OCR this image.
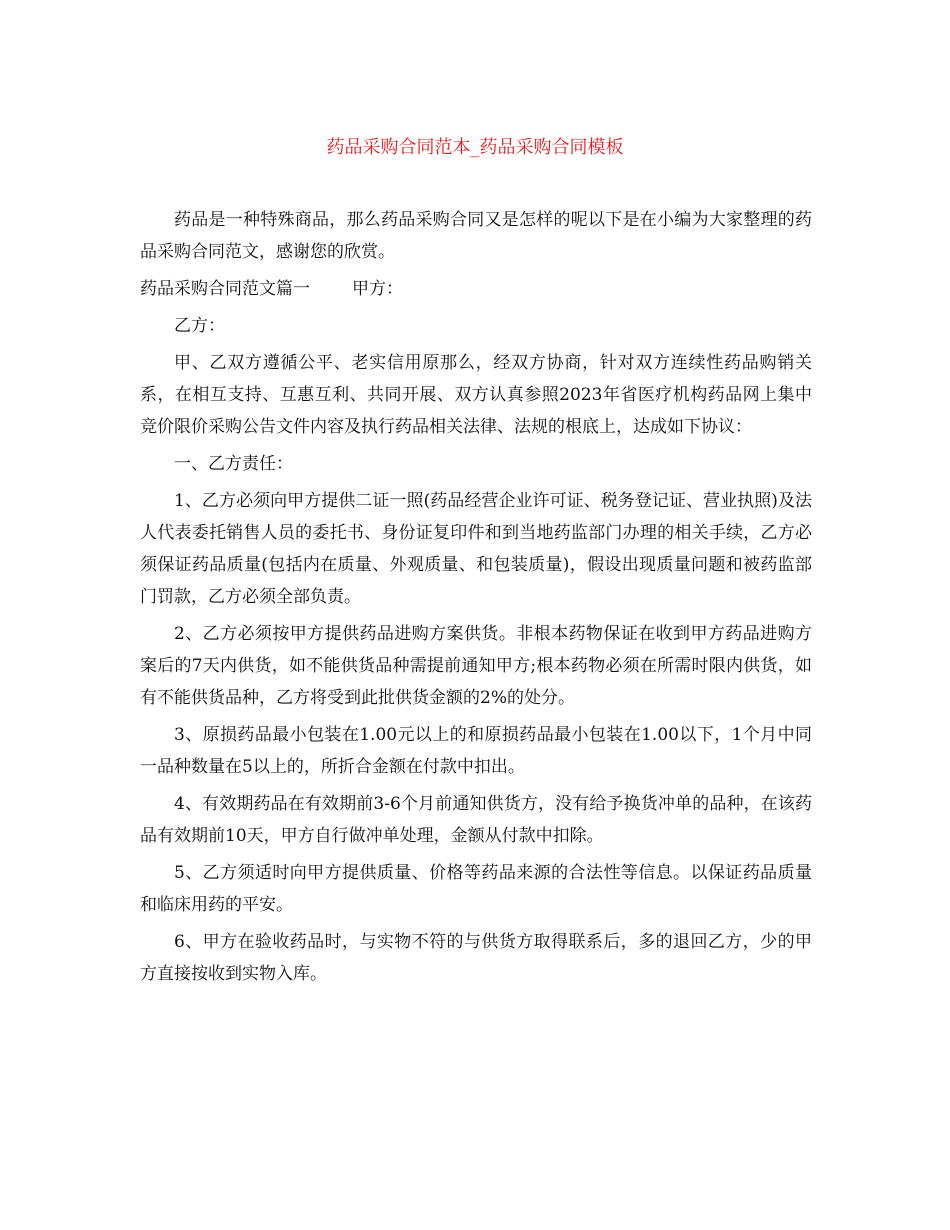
药品采购合同范本_药品采购合同模板

药品是一种特殊商品，那么药品采购合同又是怎样的呢以下是在小编为大家整理的药品采购合同范文，感谢您的欣赏。

药品采购合同范文篇一 甲方：

乙方：

甲、乙双方遵循公平、老实信用原那么，经双方协商，针对双方连续性药品购销关系，在相互支持、互惠互利、共同开展、双方认真参照2023年省医疗机构药品网上集中竞价限价采购公告文件内容及执行药品相关法律、法规的根底上，达成如下协议：

一、乙方责任：

1、乙方必须向甲方提供二证一照(药品经营企业许可证、税务登记证、营业执照)及法人代表委托销售人员的委托书、身份证复印件和到当地药监部门办理的相关手续，乙方必须保证药品质量(包括内在质量、外观质量、和包装质量)，假设出现质量问题和被药监部门罚款，乙方必须全部负责。

2、乙方必须按甲方提供药品进购方案供货。非根本药物保证在收到甲方药品进购方案后的7天内供货，如不能供货品种需提前通知甲方;根本药物必须在所需时限内供货，如有不能供货品种，乙方将受到此批供货金额的2%的处分。

3、原损药品最小包装在1.00元以上的和原损药品最小包装在1.00以下，1个月中同一品种数量在5以上的，所折合金额在付款中扣出。

4、有效期药品在有效期前3-6个月前通知供货方，没有给予换货冲单的品种，在该药品有效期前10天，甲方自行做冲单处理，金额从付款中扣除。

5、乙方须适时向甲方提供质量、价格等药品来源的合法性等信息。以保证药品质量和临床用药的平安。

6、甲方在验收药品时，与实物不符的与供货方取得联系后，多的退回乙方，少的甲方直接按收到实物入库。
